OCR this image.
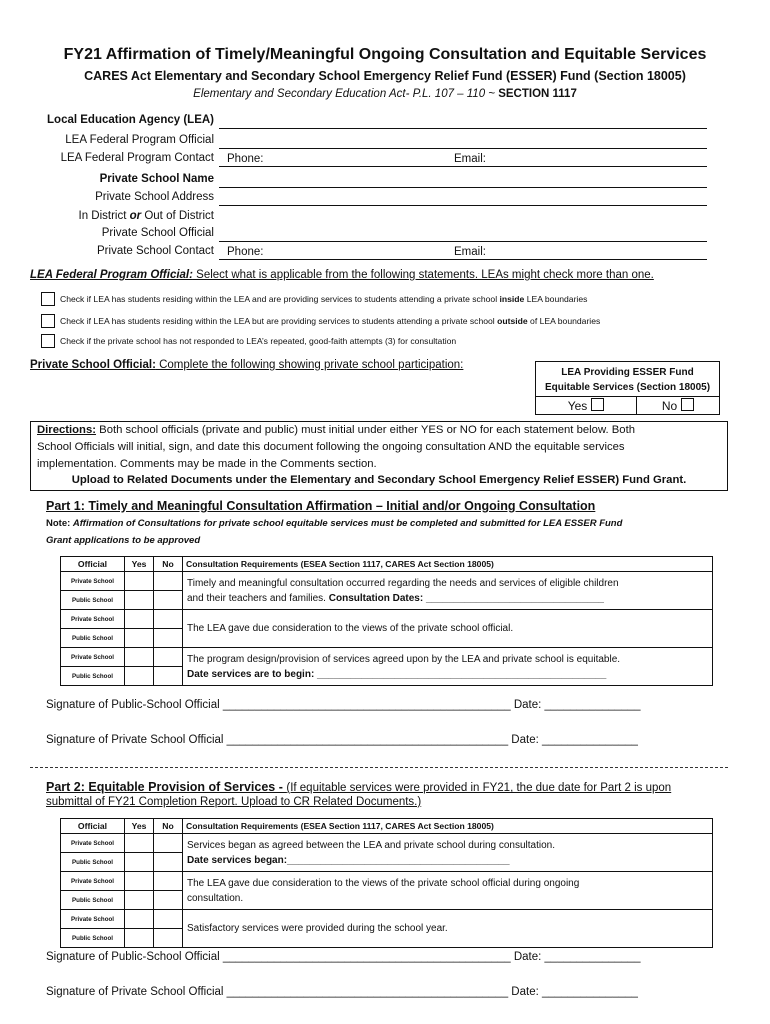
FY21 Affirmation of Timely/Meaningful Ongoing Consultation and Equitable Services
CARES Act Elementary and Secondary School Emergency Relief Fund (ESSER) Fund (Section 18005)
Elementary and Secondary Education Act- P.L. 107 – 110 ~ SECTION 1117
Local Education Agency (LEA)
LEA Federal Program Official
LEA Federal Program Contact Phone:	Email:
Private School Name
Private School Address
In District or Out of District
Private School Official
Private School Contact Phone:	Email:
LEA Federal Program Official: Select what is applicable from the following statements. LEAs might check more than one.
Check if LEA has students residing within the LEA and are providing services to students attending a private school inside LEA boundaries
Check if LEA has students residing within the LEA but are providing services to students attending a private school outside of LEA boundaries
Check if the private school has not responded to LEA’s repeated, good-faith attempts (3) for consultation
Private School Official: Complete the following showing private school participation:
LEA Providing ESSER Fund
Equitable Services (Section 18005)
Yes	No
Directions: Both school officials (private and public) must initial under either YES or NO for each statement below. Both
School Officials will initial, sign, and date this document following the ongoing consultation AND the equitable services
implementation. Comments may be made in the Comments section.
Upload to Related Documents under the Elementary and Secondary School Emergency Relief ESSER) Fund Grant.
Part 1: Timely and Meaningful Consultation Affirmation – Initial and/or Ongoing Consultation
Note: Affirmation of Consultations for private school equitable services must be completed and submitted for LEA ESSER Fund
Grant applications to be approved
Official	Yes	No	Consultation Requirements (ESEA Section 1117, CARES Act Section 18005)
Private School			Timely and meaningful consultation occurred regarding the needs and services of eligible children
and their teachers and families. Consultation Dates: ________________________________

Public School			
Private School			The LEA gave due consideration to the views of the private school official.
Public School			
Private School			The program design/provision of services agreed upon by the LEA and private school is equitable.
Date services are to begin: ____________________________________________________

Public School			
Signature of Public-School Official _____________________________________________ Date: _______________
Signature of Private School Official ____________________________________________ Date: _______________
Part 2: Equitable Provision of Services - (If equitable services were provided in FY21, the due date for Part 2 is upon
submittal of FY21 Completion Report. Upload to CR Related Documents.)
Official	Yes	No	Consultation Requirements (ESEA Section 1117, CARES Act Section 18005)
Private School			Services began as agreed between the LEA and private school during consultation.
Date services began:________________________________________

Public School			
Private School			The LEA gave due consideration to the views of the private school official during ongoing
consultation.

Public School			
Private School			Satisfactory services were provided during the school year.
Public School			
Signature of Public-School Official _____________________________________________ Date: _______________
Signature of Private School Official ____________________________________________ Date: _______________
